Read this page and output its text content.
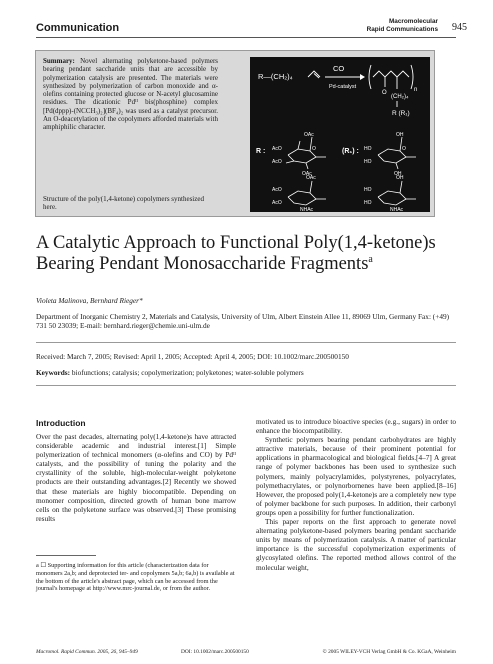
Communication
Macromolecular
Rapid Communications 945
Summary: Novel alternating polyketone-based polymers bearing pendant saccharide units that are accessible by polymerization catalysis are presented. The materials were synthesized by polymerization of carbon monoxide and α-olefins containing protected glucose or N-acetyl glucosamine residues. The dicationic Pdᴵᴵ bis(phosphine) complex [Pd(dppp)-(NCCH₃)₂](BF₄)₂ was used as a catalyst precursor. An O-deacetylation of the copolymers afforded materials with amphiphilic character.
Structure of the poly(1,4-ketone) copolymers synthesized here.
R—(CH₂)₄
CO
Pd-catalyst
O	n
(CH₂)₄
R (R₁)
R :
OAc
AcO
AcO
O
OAc
(R₁) :
OH
HO
HO
O
OH
OAc
AcO
AcO
NHAc
OH
HO
HO
NHAc
A Catalytic Approach to Functional Poly(1,4-ketone)s Bearing Pendant Monosaccharide Fragments$^a$
Violeta Malinova, Bernhard Rieger*
Department of Inorganic Chemistry 2, Materials and Catalysis, University of Ulm, Albert Einstein Allee 11, 89069 Ulm, Germany Fax: (+49) 731 50 23039; E-mail: bernhard.rieger@chemie.uni-ulm.de
Received: March 7, 2005; Revised: April 1, 2005; Accepted: April 4, 2005; DOI: 10.1002/marc.200500150
Keywords: biofunctions; catalysis; copolymerization; polyketones; water-soluble polymers
Introduction

Over the past decades, alternating poly(1,4-ketone)s have attracted considerable academic and industrial interest.[1] Simple polymerization of technical monomers (α-olefins and CO) by Pdᴵᴵ catalysts, and the possibility of tuning the polarity and the crystallinity of the soluble, high-molecular-weight polyketone products are their outstanding advantages.[2] Recently we showed that these materials are highly biocompatible. Depending on monomer composition, directed growth of human bone marrow cells on the polyketone surface was observed.[3] These promising results

motivated us to introduce bioactive species (e.g., sugars) in order to enhance the biocompatibility.

Synthetic polymers bearing pendant carbohydrates are highly attractive materials, because of their prominent potential for applications in pharmacological and biological fields.[4–7] A great range of polymer backbones has been used to synthesize such polymers, mainly polyacrylamides, polystyrenes, polyacrylates, polymethacrylates, or polynorbornenes have been applied.[8–16] However, the proposed poly(1,4-ketone)s are a completely new type of polymer backbone for such purposes. In addition, their carbonyl groups open a possibility for further functionalization.

This paper reports on the first approach to generate novel alternating polyketone-based polymers bearing pendant saccharide units by means of polymerization catalysis. A matter of particular importance is the successful copolymerization experiments of glycosylated olefins. The reported method allows control of the molecular weight,

a ☐ Supporting information for this article (characterization data for monomers 2a,b; and deprotected ter- and copolymers 5a,b; 6a,b) is available at the bottom of the article's abstract page, which can be accessed from the journal's homepage at http://www.mrc-journal.de, or from the author.
Macromol. Rapid Commun. 2005, 26, 945–949	DOI: 10.1002/marc.200500150	© 2005 WILEY-VCH Verlag GmbH & Co. KGaA, Weinheim
